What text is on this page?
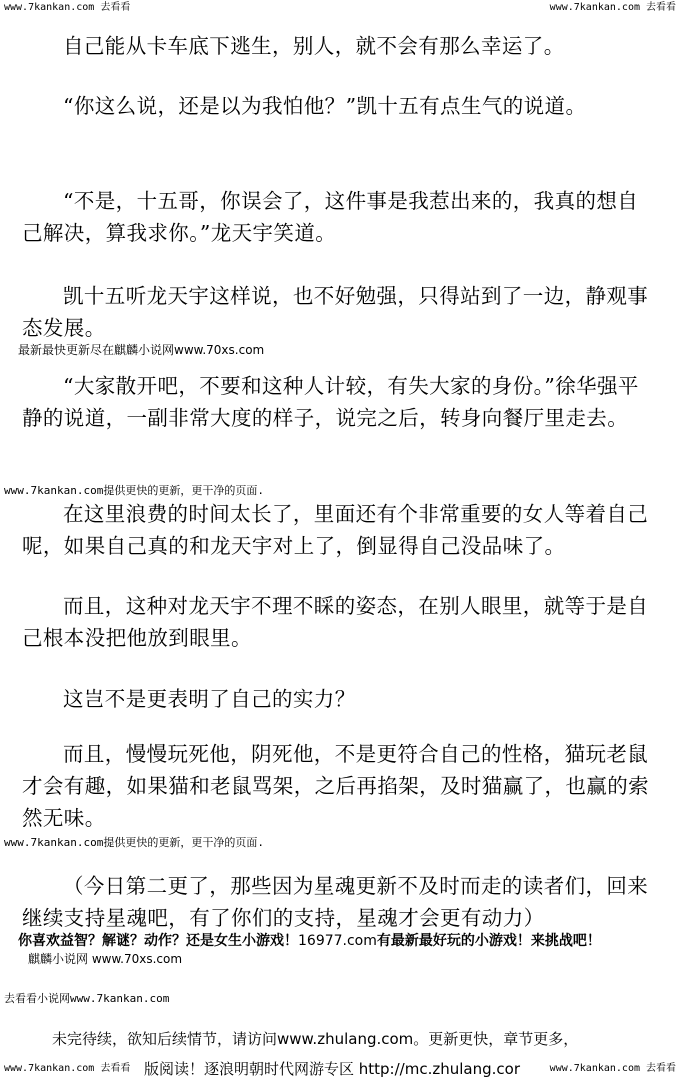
www.7kankan.com 去看看	www.7kankan.com 去看看
自己能从卡车底下逃生，别人，就不会有那么幸运了。
“你这么说，还是以为我怕他？”凯十五有点生气的说道。
“不是，十五哥，你误会了，这件事是我惹出来的，我真的想自己解决，算我求你。”龙天宇笑道。
凯十五听龙天宇这样说，也不好勉强，只得站到了一边，静观事态发展。
最新最快更新尽在麒麟小说网www.70xs.com
“大家散开吧，不要和这种人计较，有失大家的身份。”徐华强平静的说道，一副非常大度的样子，说完之后，转身向餐厅里走去。
www.7kankan.com提供更快的更新，更干净的页面.
在这里浪费的时间太长了，里面还有个非常重要的女人等着自己呢，如果自己真的和龙天宇对上了，倒显得自己没品味了。
而且，这种对龙天宇不理不睬的姿态，在别人眼里，就等于是自己根本没把他放到眼里。
这岂不是更表明了自己的实力？
而且，慢慢玩死他，阴死他，不是更符合自己的性格，猫玩老鼠才会有趣，如果猫和老鼠骂架，之后再掐架，及时猫赢了，也赢的索然无味。
www.7kankan.com提供更快的更新，更干净的页面.
（今日第二更了，那些因为星魂更新不及时而走的读者们，回来继续支持星魂吧，有了你们的支持，星魂才会更有动力）
你喜欢益智？解谜？动作？还是女生小游戏！16977.com有最新最好玩的小游戏！来挑战吧！
麒麟小说网 www.70xs.com
去看看小说网www.7kankan.com
未完待续，欲知后续情节，请访问www.zhulang.com。更新更快，章节更多，
www.7kankan.com 去看看 版阅读！逐浪明朝时代网游专区 http://mc.zhulang.cor	www.7kankan.com 去看看
